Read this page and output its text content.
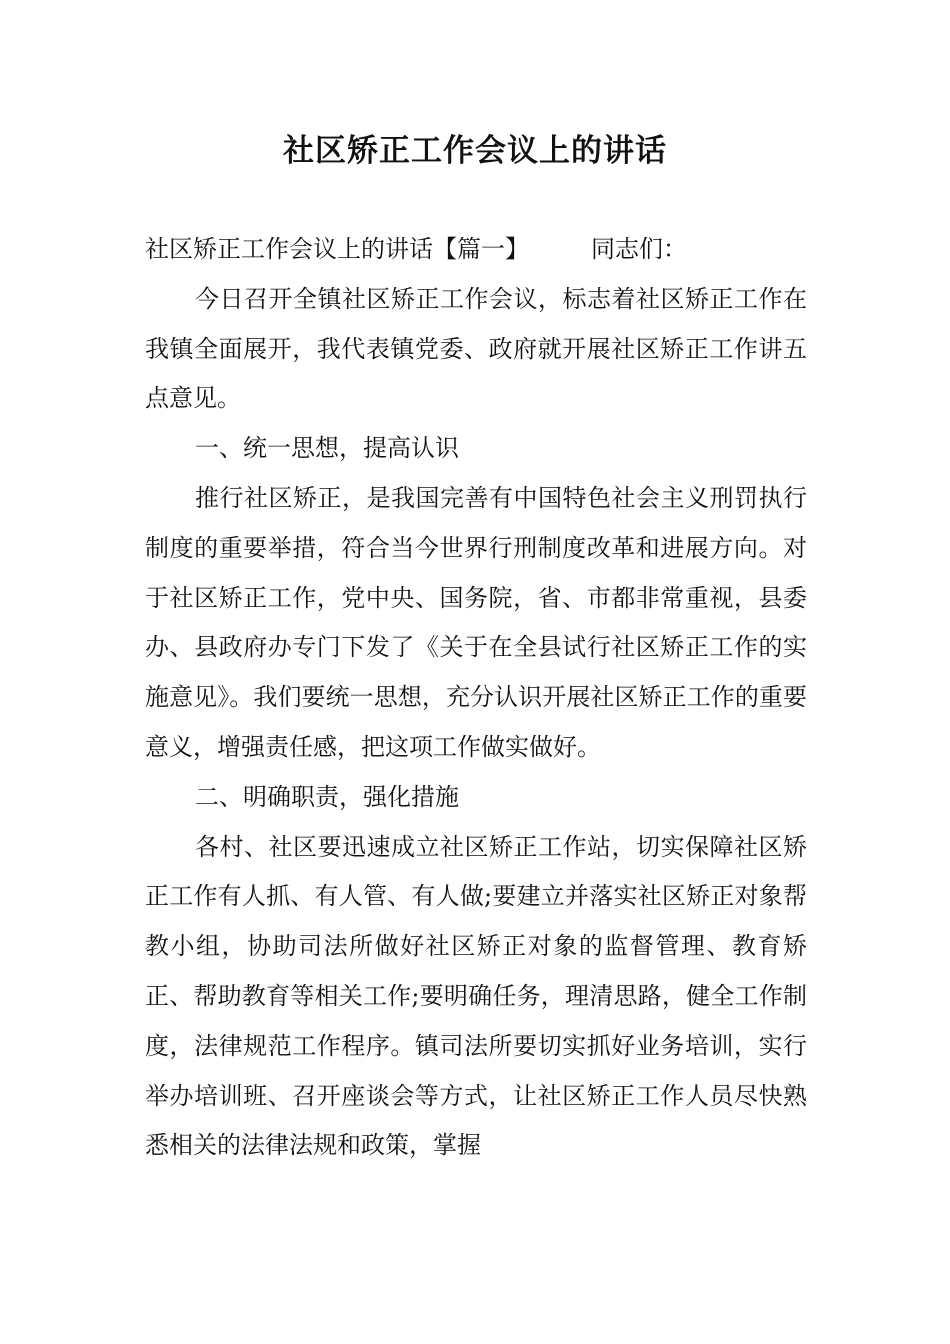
社区矫正工作会议上的讲话

社区矫正工作会议上的讲话【篇一】	同志们：

今日召开全镇社区矫正工作会议，标志着社区矫正工作在我镇全面展开，我代表镇党委、政府就开展社区矫正工作讲五点意见。

一、统一思想，提高认识

推行社区矫正，是我国完善有中国特色社会主义刑罚执行制度的重要举措，符合当今世界行刑制度改革和进展方向。对于社区矫正工作，党中央、国务院，省、市都非常重视，县委办、县政府办专门下发了《关于在全县试行社区矫正工作的实施意见》。我们要统一思想，充分认识开展社区矫正工作的重要意义，增强责任感，把这项工作做实做好。

二、明确职责，强化措施

各村、社区要迅速成立社区矫正工作站，切实保障社区矫正工作有人抓、有人管、有人做;要建立并落实社区矫正对象帮教小组，协助司法所做好社区矫正对象的监督管理、教育矫正、帮助教育等相关工作;要明确任务，理清思路，健全工作制度，法律规范工作程序。镇司法所要切实抓好业务培训，实行举办培训班、召开座谈会等方式，让社区矫正工作人员尽快熟悉相关的法律法规和政策，掌握
